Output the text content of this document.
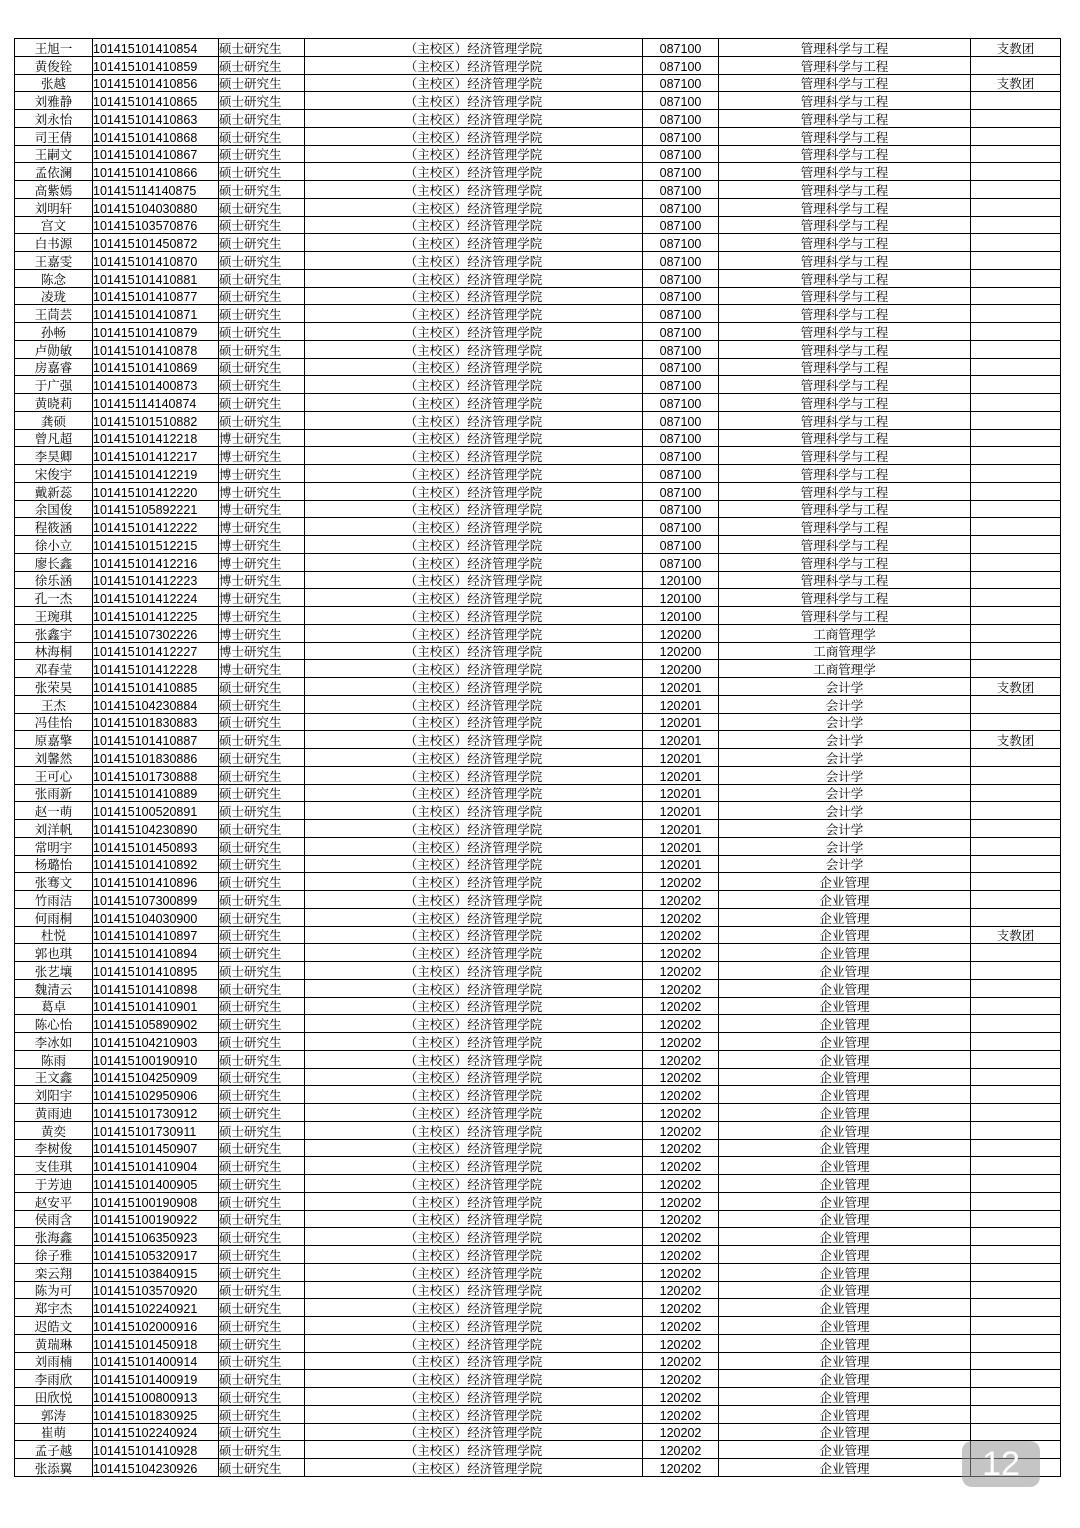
王旭一	101415101410854	硕士研究生	（主校区）经济管理学院	087100	管理科学与工程	支教团
黄俊铨	101415101410859	硕士研究生	（主校区）经济管理学院	087100	管理科学与工程	
张越	101415101410856	硕士研究生	（主校区）经济管理学院	087100	管理科学与工程	支教团
刘雅静	101415101410865	硕士研究生	（主校区）经济管理学院	087100	管理科学与工程	
刘永怡	101415101410863	硕士研究生	（主校区）经济管理学院	087100	管理科学与工程	
司王倩	101415101410868	硕士研究生	（主校区）经济管理学院	087100	管理科学与工程	
王嗣文	101415101410867	硕士研究生	（主校区）经济管理学院	087100	管理科学与工程	
孟依澜	101415101410866	硕士研究生	（主校区）经济管理学院	087100	管理科学与工程	
高紫嫣	101415114140875	硕士研究生	（主校区）经济管理学院	087100	管理科学与工程	
刘明轩	101415104030880	硕士研究生	（主校区）经济管理学院	087100	管理科学与工程	
宫文	101415103570876	硕士研究生	（主校区）经济管理学院	087100	管理科学与工程	
白书源	101415101450872	硕士研究生	（主校区）经济管理学院	087100	管理科学与工程	
王嘉雯	101415101410870	硕士研究生	（主校区）经济管理学院	087100	管理科学与工程	
陈念	101415101410881	硕士研究生	（主校区）经济管理学院	087100	管理科学与工程	
凌珑	101415101410877	硕士研究生	（主校区）经济管理学院	087100	管理科学与工程	
王茼芸	101415101410871	硕士研究生	（主校区）经济管理学院	087100	管理科学与工程	
孙畅	101415101410879	硕士研究生	（主校区）经济管理学院	087100	管理科学与工程	
卢勋敏	101415101410878	硕士研究生	（主校区）经济管理学院	087100	管理科学与工程	
房嘉睿	101415101410869	硕士研究生	（主校区）经济管理学院	087100	管理科学与工程	
于广强	101415101400873	硕士研究生	（主校区）经济管理学院	087100	管理科学与工程	
黄晓莉	101415114140874	硕士研究生	（主校区）经济管理学院	087100	管理科学与工程	
龚硕	101415101510882	硕士研究生	（主校区）经济管理学院	087100	管理科学与工程	
曾凡超	101415101412218	博士研究生	（主校区）经济管理学院	087100	管理科学与工程	
李昊卿	101415101412217	博士研究生	（主校区）经济管理学院	087100	管理科学与工程	
宋俊宇	101415101412219	博士研究生	（主校区）经济管理学院	087100	管理科学与工程	
戴新蕊	101415101412220	博士研究生	（主校区）经济管理学院	087100	管理科学与工程	
余国俊	101415105892221	博士研究生	（主校区）经济管理学院	087100	管理科学与工程	
程筱涵	101415101412222	博士研究生	（主校区）经济管理学院	087100	管理科学与工程	
徐小立	101415101512215	博士研究生	（主校区）经济管理学院	087100	管理科学与工程	
廖长鑫	101415101412216	博士研究生	（主校区）经济管理学院	087100	管理科学与工程	
徐乐涵	101415101412223	博士研究生	（主校区）经济管理学院	120100	管理科学与工程	
孔一杰	101415101412224	博士研究生	（主校区）经济管理学院	120100	管理科学与工程	
王琬琪	101415101412225	博士研究生	（主校区）经济管理学院	120100	管理科学与工程	
张鑫宇	101415107302226	博士研究生	（主校区）经济管理学院	120200	工商管理学	
林海桐	101415101412227	博士研究生	（主校区）经济管理学院	120200	工商管理学	
邓春莹	101415101412228	博士研究生	（主校区）经济管理学院	120200	工商管理学	
张荣昊	101415101410885	硕士研究生	（主校区）经济管理学院	120201	会计学	支教团
王杰	101415104230884	硕士研究生	（主校区）经济管理学院	120201	会计学	
冯佳怡	101415101830883	硕士研究生	（主校区）经济管理学院	120201	会计学	
原嘉擎	101415101410887	硕士研究生	（主校区）经济管理学院	120201	会计学	支教团
刘馨然	101415101830886	硕士研究生	（主校区）经济管理学院	120201	会计学	
王可心	101415101730888	硕士研究生	（主校区）经济管理学院	120201	会计学	
张雨新	101415101410889	硕士研究生	（主校区）经济管理学院	120201	会计学	
赵一萌	101415100520891	硕士研究生	（主校区）经济管理学院	120201	会计学	
刘洋帆	101415104230890	硕士研究生	（主校区）经济管理学院	120201	会计学	
常明宇	101415101450893	硕士研究生	（主校区）经济管理学院	120201	会计学	
杨璐怡	101415101410892	硕士研究生	（主校区）经济管理学院	120201	会计学	
张骞文	101415101410896	硕士研究生	（主校区）经济管理学院	120202	企业管理	
竹雨洁	101415107300899	硕士研究生	（主校区）经济管理学院	120202	企业管理	
何雨桐	101415104030900	硕士研究生	（主校区）经济管理学院	120202	企业管理	
杜悦	101415101410897	硕士研究生	（主校区）经济管理学院	120202	企业管理	支教团
郭也琪	101415101410894	硕士研究生	（主校区）经济管理学院	120202	企业管理	
张艺壤	101415101410895	硕士研究生	（主校区）经济管理学院	120202	企业管理	
魏清云	101415101410898	硕士研究生	（主校区）经济管理学院	120202	企业管理	
葛卓	101415101410901	硕士研究生	（主校区）经济管理学院	120202	企业管理	
陈心怡	101415105890902	硕士研究生	（主校区）经济管理学院	120202	企业管理	
李冰如	101415104210903	硕士研究生	（主校区）经济管理学院	120202	企业管理	
陈雨	101415100190910	硕士研究生	（主校区）经济管理学院	120202	企业管理	
王文鑫	101415104250909	硕士研究生	（主校区）经济管理学院	120202	企业管理	
刘阳宇	101415102950906	硕士研究生	（主校区）经济管理学院	120202	企业管理	
黄雨迪	101415101730912	硕士研究生	（主校区）经济管理学院	120202	企业管理	
黄奕	101415101730911	硕士研究生	（主校区）经济管理学院	120202	企业管理	
李树俊	101415101450907	硕士研究生	（主校区）经济管理学院	120202	企业管理	
支佳琪	101415101410904	硕士研究生	（主校区）经济管理学院	120202	企业管理	
于芳迪	101415101400905	硕士研究生	（主校区）经济管理学院	120202	企业管理	
赵安平	101415100190908	硕士研究生	（主校区）经济管理学院	120202	企业管理	
侯雨含	101415100190922	硕士研究生	（主校区）经济管理学院	120202	企业管理	
张海鑫	101415106350923	硕士研究生	（主校区）经济管理学院	120202	企业管理	
徐子雅	101415105320917	硕士研究生	（主校区）经济管理学院	120202	企业管理	
栾云翔	101415103840915	硕士研究生	（主校区）经济管理学院	120202	企业管理	
陈为可	101415103570920	硕士研究生	（主校区）经济管理学院	120202	企业管理	
郑宇杰	101415102240921	硕士研究生	（主校区）经济管理学院	120202	企业管理	
迟皓文	101415102000916	硕士研究生	（主校区）经济管理学院	120202	企业管理	
黄瑞琳	101415101450918	硕士研究生	（主校区）经济管理学院	120202	企业管理	
刘雨楠	101415101400914	硕士研究生	（主校区）经济管理学院	120202	企业管理	
李雨欣	101415101400919	硕士研究生	（主校区）经济管理学院	120202	企业管理	
田欣悦	101415100800913	硕士研究生	（主校区）经济管理学院	120202	企业管理	
郭涛	101415101830925	硕士研究生	（主校区）经济管理学院	120202	企业管理	
崔萌	101415102240924	硕士研究生	（主校区）经济管理学院	120202	企业管理	
孟子越	101415101410928	硕士研究生	（主校区）经济管理学院	120202	企业管理	
张添翼	101415104230926	硕士研究生	（主校区）经济管理学院	120202	企业管理		12
